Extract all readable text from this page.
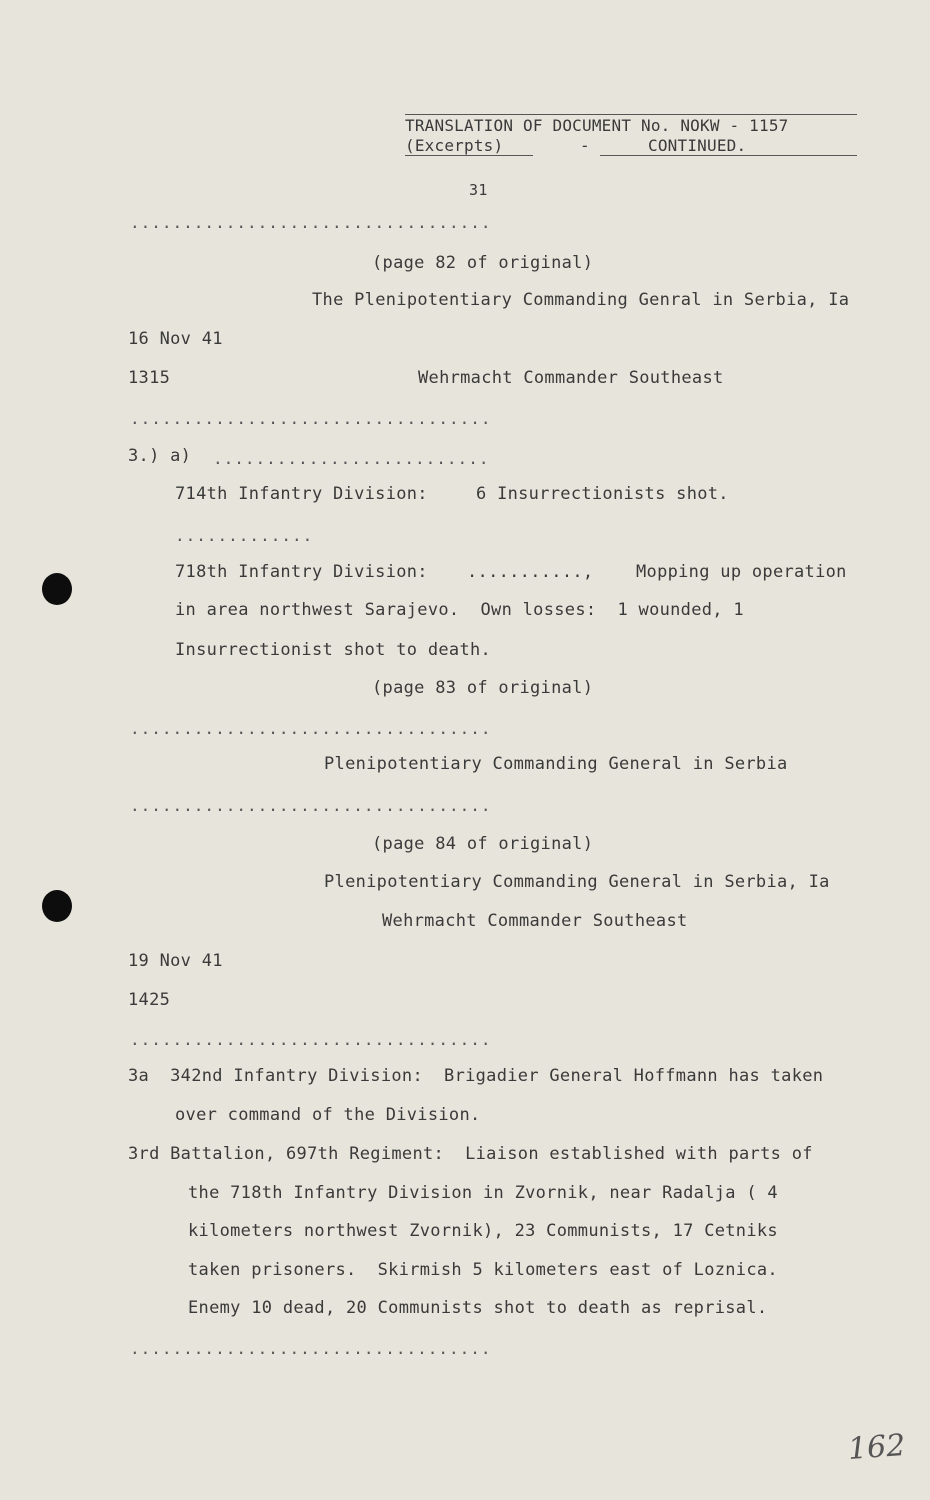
TRANSLATION OF DOCUMENT No. NOKW - 1157
(Excerpts)	-	CONTINUED.
31
..................................
(page 82 of original)
The Plenipotentiary Commanding Genral in Serbia, Ia
16 Nov 41
1315	Wehrmacht Commander Southeast
..................................
3.) a) ..........................
714th Infantry Division:	6 Insurrectionists shot.
.............
718th Infantry Division: ...........,	Mopping up operation
in area northwest Sarajevo.  Own losses:  1 wounded, 1
Insurrectionist shot to death.
(page 83 of original)
..................................
Plenipotentiary Commanding General in Serbia
..................................
(page 84 of original)
Plenipotentiary Commanding General in Serbia, Ia
Wehrmacht Commander Southeast
19 Nov 41
1425
..................................
3a  342nd Infantry Division:  Brigadier General Hoffmann has taken
over command of the Division.
3rd Battalion, 697th Regiment:  Liaison established with parts of
the 718th Infantry Division in Zvornik, near Radalja ( 4
kilometers northwest Zvornik), 23 Communists, 17 Cetniks
taken prisoners.  Skirmish 5 kilometers east of Loznica.
Enemy 10 dead, 20 Communists shot to death as reprisal.
..................................
162
